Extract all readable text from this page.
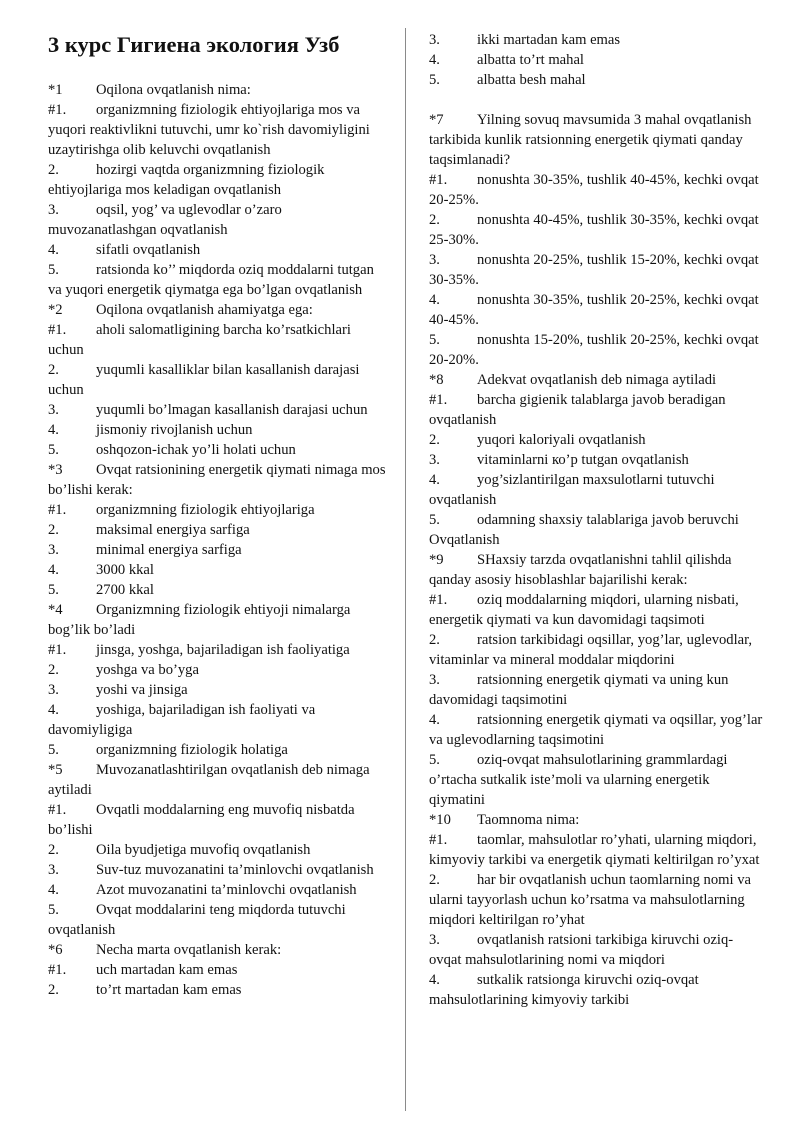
3 курс Гигиена экология Узб

*1 Oqilona ovqatlanish nima:

#1. organizmning fiziologik ehtiyojlariga mos va yuqori reaktivlikni tutuvchi, umr ko`rish davomiyligini uzaytirishga olib keluvchi ovqatlanish

2.	hozirgi vaqtda organizmning fiziologik ehtiyojlariga mos keladigan ovqatlanish

3.	oqsil, yog’ va uglevodlar o’zaro muvozanatlashgan oqvatlanish

4.	sifatli ovqatlanish

5.	ratsionda ko’’ miqdorda oziq moddalarni tutgan va yuqori energetik qiymatga ega bo’lgan ovqatlanish

*2 Oqilona ovqatlanish ahamiyatga ega:

#1. aholi salomatligining barcha ko’rsatkichlari uchun

2.	yuqumli kasalliklar bilan kasallanish darajasi uchun

3.	yuqumli bo’lmagan kasallanish darajasi uchun

4.	jismoniy rivojlanish uchun

5.	oshqozon-ichak yo’li holati uchun

*3 Ovqat ratsionining energetik qiymati nimaga mos bo’lishi kerak:

#1. organizmning fiziologik ehtiyojlariga

2.	maksimal energiya sarfiga

3.	minimal energiya sarfiga

4.	3000 kkal

5.	2700 kkal

*4 Organizmning fiziologik ehtiyoji nimalarga bog’lik bo’ladi

#1. jinsga, yoshga, bajariladigan ish faoliyatiga

2.	yoshga va bo’yga

3.	yoshi va jinsiga

4.	yoshiga, bajariladigan ish faoliyati va davomiyligiga

5.	organizmning fiziologik holatiga

*5 Muvozanatlashtirilgan ovqatlanish deb nimaga aytiladi

#1. Ovqatli moddalarning eng muvofiq nisbatda bo’lishi

2.	Oila byudjetiga muvofiq ovqatlanish

3.	Suv-tuz muvozanatini ta’minlovchi ovqatlanish

4.	Azot muvozanatini ta’minlovchi ovqatlanish

5.	Ovqat moddalarini teng miqdorda tutuvchi ovqatlanish

*6 Necha marta ovqatlanish kerak:

#1. uch martadan kam emas

2.	to’rt martadan kam emas

3.	ikki martadan kam emas

4.	albatta to’rt mahal

5.	albatta besh mahal

*7 Yilning sovuq mavsumida 3 mahal ovqatlanish tarkibida kunlik ratsionning energetik qiymati qanday taqsimlanadi?

#1. nonushta 30-35%, tushlik 40-45%, kechki ovqat 20-25%.

2.	nonushta 40-45%, tushlik 30-35%, kechki ovqat 25-30%.

3.	nonushta 20-25%, tushlik 15-20%, kechki ovqat 30-35%.

4.	nonushta 30-35%, tushlik 20-25%, kechki ovqat 40-45%.

5.	nonushta 15-20%, tushlik 20-25%, kechki ovqat 20-20%.

*8 Adekvat ovqatlanish deb nimaga aytiladi

#1. barcha gigienik talablarga javob beradigan ovqatlanish

2.	yuqori kaloriyali ovqatlanish

3.	vitaminlarni ко’р tutgan ovqatlanish

4.	yog’sizlantirilgan maxsulotlarni tutuvchi ovqatlanish

5.	odamning shaxsiy talablariga javob beruvchi Ovqatlanish

*9 SHaxsiy tarzda ovqatlanishni tahlil qilishda qanday asosiy hisoblashlar bajarilishi kerak:

#1. oziq moddalarning miqdori, ularning nisbati, energetik qiymati va kun davomidagi taqsimoti

2.	ratsion tarkibidagi oqsillar, yog’lar, uglevodlar, vitaminlar va mineral moddalar miqdorini

3.	ratsionning energetik qiymati va uning kun davomidagi taqsimotini

4.	ratsionning energetik qiymati va oqsillar, yog’lar va uglevodlarning taqsimotini

5.	oziq-ovqat mahsulotlarining grammlardagi o’rtacha sutkalik iste’moli va ularning energetik qiymatini

*10 Taomnoma nima:

#1. taomlar, mahsulotlar ro’yhati, ularning miqdori, kimyoviy tarkibi va energetik qiymati keltirilgan ro’yxat

2.	har bir ovqatlanish uchun taomlarning nomi va ularni tayyorlash uchun ko’rsatma va mahsulotlarning miqdori keltirilgan ro’yhat

3.	ovqatlanish ratsioni tarkibiga kiruvchi oziq-ovqat mahsulotlarining nomi va miqdori

4.	sutkalik ratsionga kiruvchi oziq-ovqat mahsulotlarining kimyoviy tarkibi
